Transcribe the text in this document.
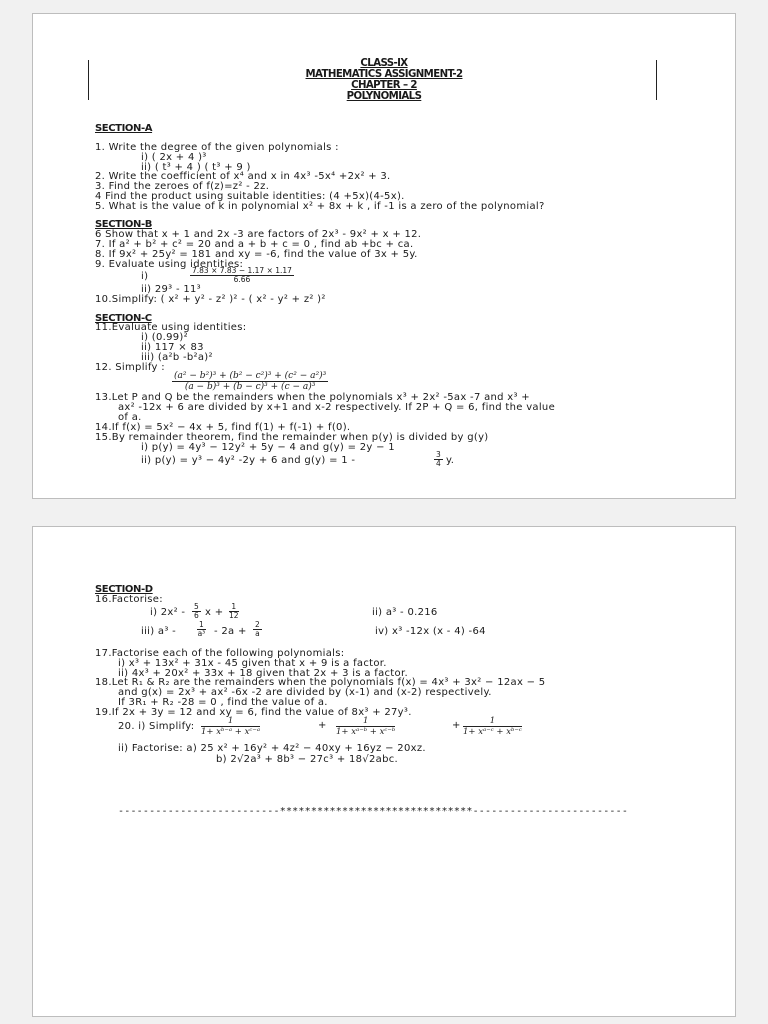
CLASS-IX
MATHEMATICS ASSIGNMENT-2
CHAPTER – 2
POLYNOMIALS
SECTION-A
1. Write the degree of the given polynomials :
i) ( 2x + 4 )³
ii) ( t³ + 4 ) ( t³ + 9 )
2. Write the coefficient of x⁴ and x in 4x³ -5x⁴ +2x² + 3.
3. Find the zeroes of f(z)=z² - 2z.
4 Find the product using suitable identities: (4 +5x)(4-5x).
5. What is the value of k in polynomial x² + 8x + k , if -1 is a zero of the polynomial?
SECTION-B
6 Show that x + 1 and 2x -3 are factors of 2x³ - 9x² + x + 12.
7. If a² + b² + c² = 20 and a + b + c = 0 , find ab +bc + ca.
8. If 9x² + 25y² = 181 and xy = -6, find the value of 3x + 5y.
9. Evaluate using identities:
i)	$\frac{7.83 \times 7.83 - 1.17 \times 1.17}{6.66}$
ii) 29³ - 11³
10.Simplify: ( x² + y² - z² )² - ( x² - y² + z² )²
SECTION-C
11.Evaluate using identities:
i) (0.99)²
ii) 117 × 83
iii) (a²b -b²a)²
12. Simplify :
$\frac{\text{(a² − b²)³ + (b² − c²)³ + (c² − a²)³}}{\text{(a − b)³ + (b − c)³ + (c − a)³}}$
13.Let P and Q be the remainders when the polynomials x³ + 2x² -5ax -7 and x³ +
ax² -12x + 6 are divided by x+1 and x-2 respectively. If 2P + Q = 6, find the value
of a.
14.If f(x) = 5x² − 4x + 5, find f(1) + f(-1) + f(0).
15.By remainder theorem, find the remainder when p(y) is divided by g(y)
i) p(y) = 4y³ − 12y² + 5y − 4 and g(y) = 2y − 1
ii) p(y) = y³ − 4y² -2y + 6 and g(y) = 1 -	$\frac{3}{4} y$.
SECTION-D
16.Factorise:
i) $2x^2 - \frac{5}{6}$ $x + \frac{1}{12}$	ii) a³ - 0.216
iii) a³ -	$\frac{1}{\text{a³}} - 2a + \frac{2}{a}$	iv) x³ -12x (x - 4) -64
17.Factorise each of the following polynomials:
i) x³ + 13x² + 31x - 45 given that x + 9 is a factor.
ii) 4x³ + 20x² + 33x + 18 given that 2x + 3 is a factor.
18.Let R₁ & R₂ are the remainders when the polynomials f(x) = 4x³ + 3x² − 12ax − 5
and g(x) = 2x³ + ax² -6x -2 are divided by (x-1) and (x-2) respectively.
If 3R₁ + R₂ -28 = 0 , find the value of a.
19.If 2x + 3y = 12 and xy = 6, find the value of 8x³ + 27y³.
20. i) Simplify: $\frac{1}{\text{1+ xᵇ⁻ᵃ + xᶜ⁻ᵃ}}$	+ $\frac{1}{\text{1+ xᵃ⁻ᵇ + xᶜ⁻ᵇ}}$	+ $\frac{1}{\text{1+ xᵃ⁻ᶜ + xᵇ⁻ᶜ}}$
ii) Factorise: a) 25 x² + 16y² + 4z² − 40xy + 16yz − 20xz.
b) 2√2a³ + 8b³ − 27c³ + 18√2abc.
--------------------------*******************************-------------------------
